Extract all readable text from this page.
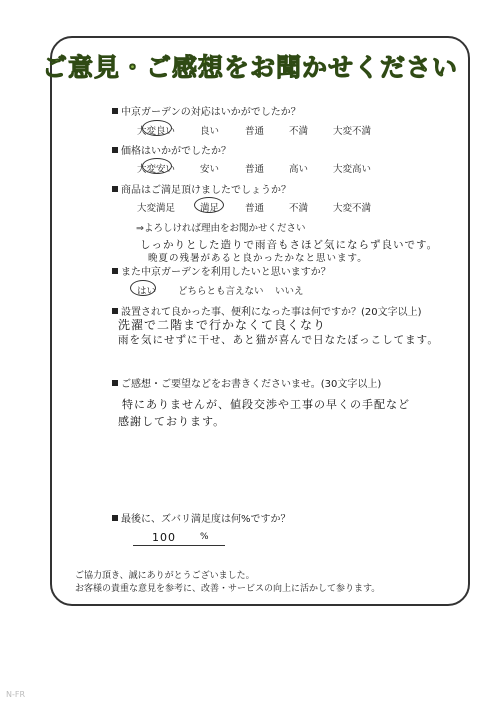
ご意見・ご感想をお聞かせください
中京ガーデンの対応はいかがでしたか？
大変良い	良い	普通	不満	大変不満
価格はいかがでしたか？
大変安い	安い	普通	高い	大変高い
商品はご満足頂けましたでしょうか？
大変満足	満足	普通	不満	大変不満
⇒よろしければ理由をお聞かせください
しっかりとした造りで雨音もさほど気にならず良いです。
晩夏の残暑があると良かったかなと思います。
また中京ガーデンを利用したいと思いますか？
はい どちらとも言えない いいえ
設置されて良かった事、便利になった事は何ですか？(20文字以上)
洗濯で二階まで行かなくて良くなり
雨を気にせずに干せ、あと猫が喜んで日なたぼっこしてます。
ご感想・ご要望などをお書きくださいませ。(30文字以上)
特にありませんが、値段交渉や工事の早くの手配など
感謝しております。
最後に、ズバリ満足度は何%ですか？
100	%
ご協力頂き、誠にありがとうございました。
お客様の貴重な意見を参考に、改善・サービスの向上に活かして参ります。
N-FR
